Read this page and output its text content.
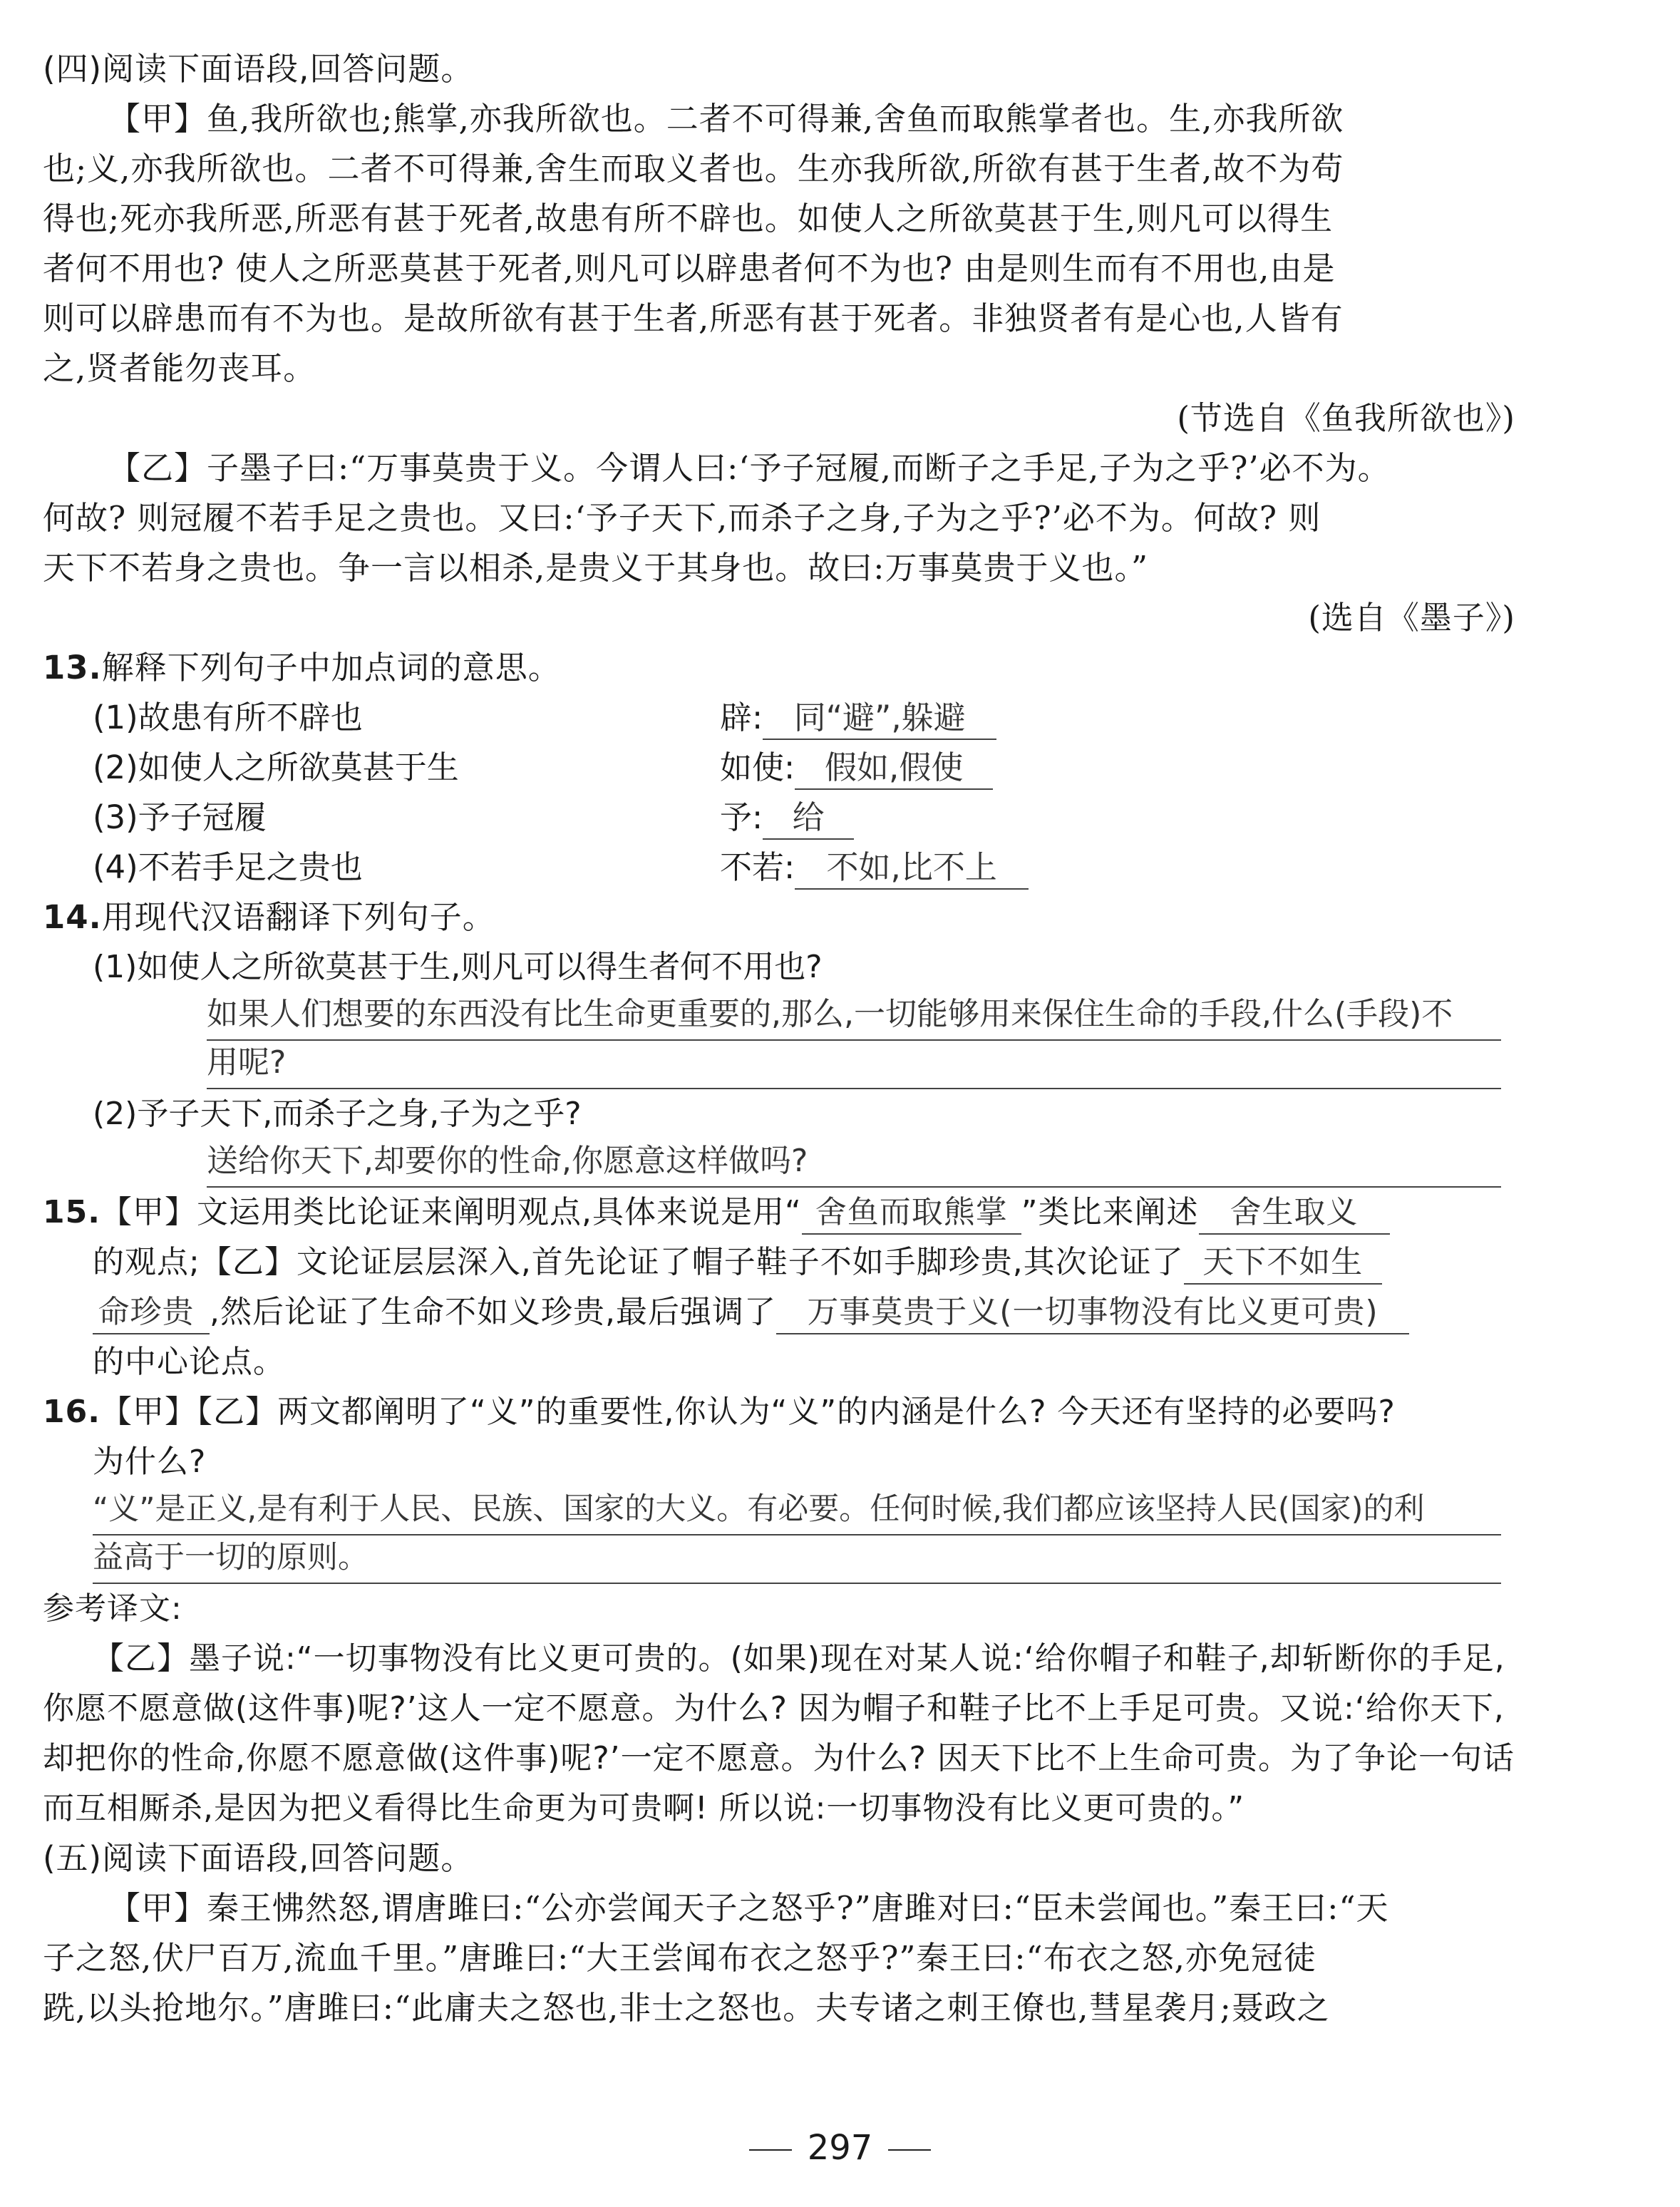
(四)阅读下面语段,回答问题。
【甲】鱼,我所欲也;熊掌,亦我所欲也。二者不可得兼,舍鱼而取熊掌者也。生,亦我所欲
也;义,亦我所欲也。二者不可得兼,舍生而取义者也。生亦我所欲,所欲有甚于生者,故不为苟
得也;死亦我所恶,所恶有甚于死者,故患有所不辟也。如使人之所欲莫甚于生,则凡可以得生
者何不用也? 使人之所恶莫甚于死者,则凡可以辟患者何不为也? 由是则生而有不用也,由是
则可以辟患而有不为也。是故所欲有甚于生者,所恶有甚于死者。非独贤者有是心也,人皆有
之,贤者能勿丧耳。
(节选自《鱼我所欲也》)
【乙】子墨子曰:“万事莫贵于义。今谓人曰:‘予子冠履,而断子之手足,子为之乎?’必不为。
何故? 则冠履不若手足之贵也。又曰:‘予子天下,而杀子之身,子为之乎?’必不为。何故? 则
天下不若身之贵也。争一言以相杀,是贵义于其身也。故曰:万事莫贵于义也。”
(选自《墨子》)
13.解释下列句子中加点词的意思。
(1)故患有所不辟也	辟: 同“避”,躲避
(2)如使人之所欲莫甚于生	如使: 假如,假使
(3)予子冠履	予: 给
(4)不若手足之贵也	不若: 不如,比不上
14.用现代汉语翻译下列句子。
(1)如使人之所欲莫甚于生,则凡可以得生者何不用也?
如果人们想要的东西没有比生命更重要的,那么,一切能够用来保住生命的手段,什么(手段)不
用呢?
(2)予子天下,而杀子之身,子为之乎?
送给你天下,却要你的性命,你愿意这样做吗?
15.【甲】文运用类比论证来阐明观点,具体来说是用“ 舍鱼而取熊掌 ”类比来阐述 舍生取义
的观点;【乙】文论证层层深入,首先论证了帽子鞋子不如手脚珍贵,其次论证了 天下不如生
命珍贵 ,然后论证了生命不如义珍贵,最后强调了 万事莫贵于义(一切事物没有比义更可贵)
的中心论点。
16.【甲】【乙】两文都阐明了“义”的重要性,你认为“义”的内涵是什么? 今天还有坚持的必要吗?
为什么?
“义”是正义,是有利于人民、民族、国家的大义。有必要。任何时候,我们都应该坚持人民(国家)的利
益高于一切的原则。
参考译文:
【乙】墨子说:“一切事物没有比义更可贵的。(如果)现在对某人说:‘给你帽子和鞋子,却斩断你的手足,
你愿不愿意做(这件事)呢?’这人一定不愿意。为什么? 因为帽子和鞋子比不上手足可贵。又说:‘给你天下,
却把你的性命,你愿不愿意做(这件事)呢?’一定不愿意。为什么? 因天下比不上生命可贵。为了争论一句话
而互相厮杀,是因为把义看得比生命更为可贵啊! 所以说:一切事物没有比义更可贵的。”
(五)阅读下面语段,回答问题。
【甲】秦王怫然怒,谓唐雎曰:“公亦尝闻天子之怒乎?”唐雎对曰:“臣未尝闻也。”秦王曰:“天
子之怒,伏尸百万,流血千里。”唐雎曰:“大王尝闻布衣之怒乎?”秦王曰:“布衣之怒,亦免冠徒
跣,以头抢地尔。”唐雎曰:“此庸夫之怒也,非士之怒也。夫专诸之刺王僚也,彗星袭月;聂政之
297
